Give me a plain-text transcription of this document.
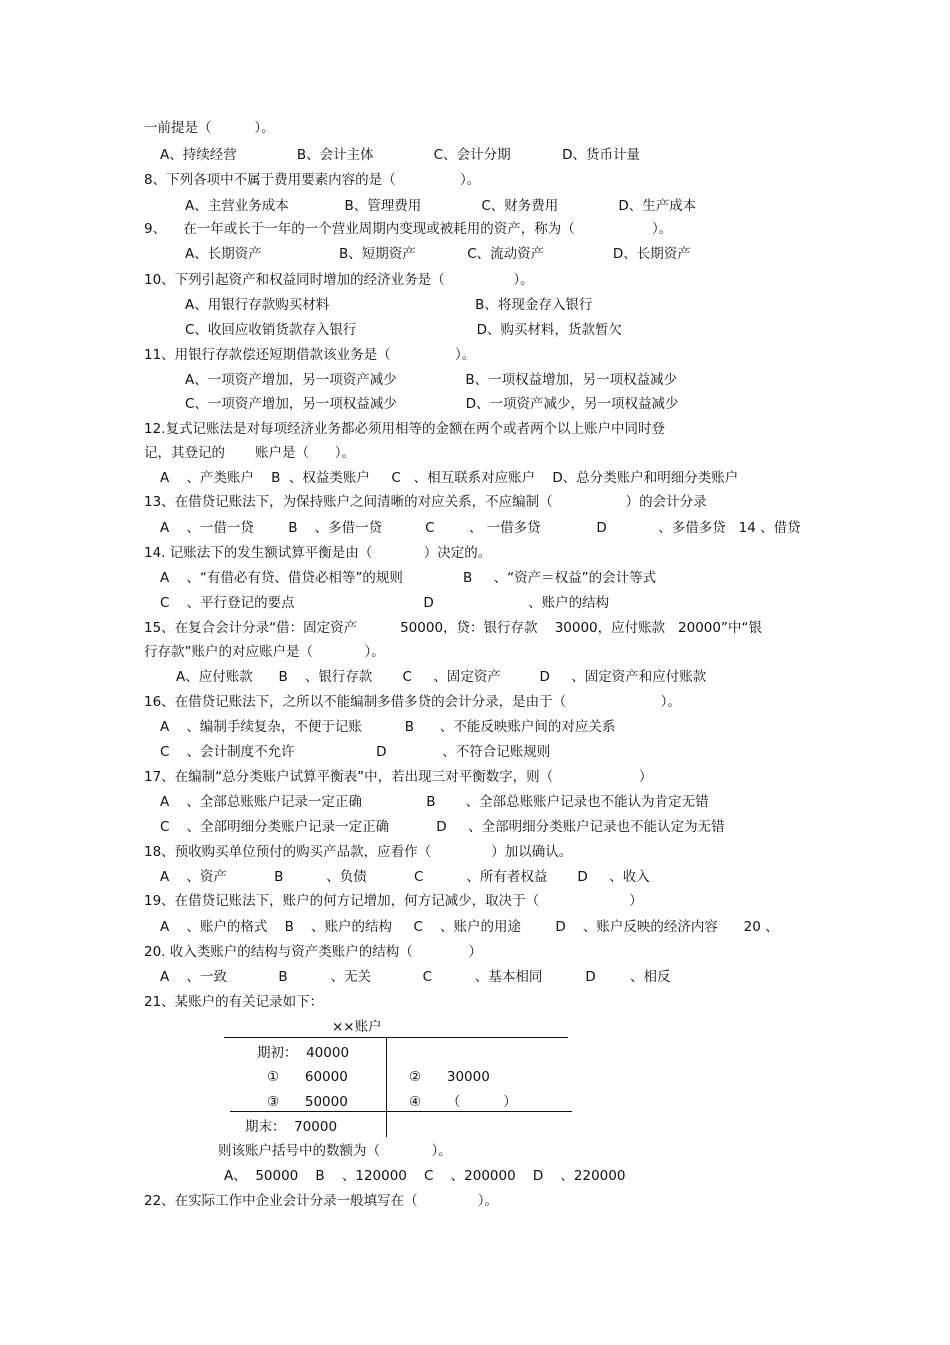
一前提是（          ）。
A、持续经营              B、会计主体              C、会计分期            D、货币计量
8、下列各项中不属于费用要素内容的是（               ）。
A、主营业务成本             B、管理费用              C、财务费用              D、生产成本
9、    在一年或长于一年的一个营业周期内变现或被耗用的资产，称为（                  ）。
A、长期资产                  B、短期资产            C、流动资产                D、长期资产
10、下列引起资产和权益同时增加的经济业务是（                ）。
A、用银行存款购买材料                                  B、将现金存入银行
C、收回应收销货款存入银行                            D、购买材料，货款暂欠
11、用银行存款偿还短期借款该业务是（               ）。
A、一项资产增加，另一项资产减少                B、一项权益增加，另一项权益减少
C、一项资产增加，另一项权益减少                D、一项资产减少，另一项权益减少
12.复式记账法是对每项经济业务都必须用相等的金额在两个或者两个以上账户中同时登
记，其登记的       账户是（      ）。
A    、产类账户    B  、权益类账户     C   、相互联系对应账户    D、总分类账户和明细分类账户
13、在借贷记账法下，为保持账户之间清晰的对应关系，不应编制（                 ）的会计分录
A    、一借一贷        B    、多借一贷          C        、 一借多贷             D            、多借多贷   14 、借贷
14. 记账法下的发生额试算平衡是由（            ）决定的。
A    、“有借必有贷、借贷必相等”的规则              B     、“资产＝权益”的会计等式
C    、平行登记的要点                              D                      、账户的结构
15、在复合会计分录“借：固定资产          50000，贷：银行存款    30000，应付账款   20000”中“银
行存款”账户的对应账户是（            ）。
A、应付账款      B    、银行存款       C     、固定资产         D     、固定资产和应付账款
16、在借贷记账法下，之所以不能编制多借多贷的会计分录，是由于（                      ）。
A    、编制手续复杂，不便于记账          B      、不能反映账户间的对应关系
C    、会计制度不允许                   D             、不符合记账规则
17、在编制“总分类账户试算平衡表”中，若出现三对平衡数字，则（                    ）
A    、全部总账账户记录一定正确               B       、全部总账账户记录也不能认为肯定无错
C    、全部明细分类账户记录一定正确           D     、全部明细分类账户记录也不能认定为无错
18、预收购买单位预付的购买产品款，应看作（              ）加以确认。
A    、资产           B          、负债           C          、所有者权益       D     、收入
19、在借贷记账法下，账户的何方记增加，何方记减少，取决于（                     ）
A    、账户的格式    B    、账户的结构     C    、账户的用途        D    、账户反映的经济内容      20 、
20. 收入类账户的结构与资产类账户的结构（             ）
A    、一致            B          、无关            C          、基本相同          D        、相反
21、某账户的有关记录如下：
××账户
期初：  40000
①      60000
③      50000
②      30000
④      （          ）
期末：  70000
则该账户括号中的数额为（            ）。
A、  50000    B    、120000    C    、200000    D    、220000
22、在实际工作中企业会计分录一般填写在（              ）。
